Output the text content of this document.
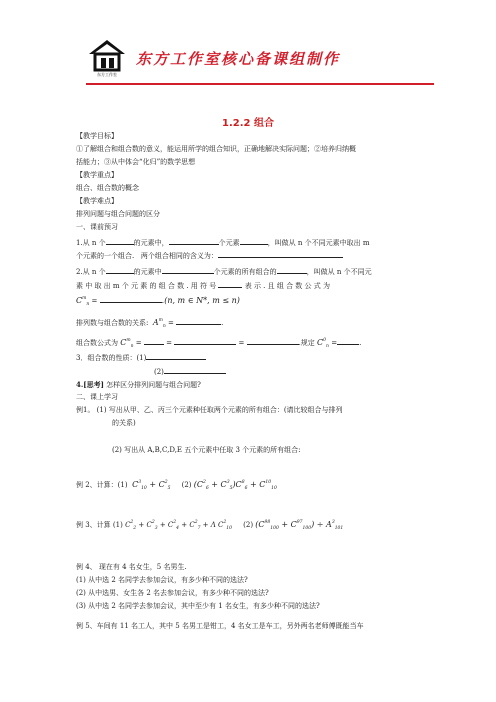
东方工作室
东方工作室核心备课组制作
1.2.2 组合
【教学目标】
①了解组合和组合数的意义，能运用所学的组合知识，正确地解决实际问题；②培养归纳概
括能力；③从中体会“化归”的数学思想
【教学重点】
组合、组合数的概念
【教学难点】
排列问题与组合问题的区分
一、课前预习
1.从 n 个	的元素中，	个元素	，叫做从 n 个不同元素中取出 m
个元素的一个组合. 两个组合相同的含义为：
2.从 n 个	的元素中	个元素的所有组合的	，叫做从 n 个不同元
素 中 取 出 m 个 元 素 的 组 合 数 . 用 符 号	表 示 . 且 组 合 数 公 式 为
$C^m_n$ =	.(n, m ∈ N*, m ≤ n)
排列数与组合数的关系: $A^m_n$ =	.
组合数公式为 $C^m_n$ =	=	=	.规定 $C^0_n$ =	.
3．组合数的性质：(1)
(2)
4.[思考] 怎样区分排列问题与组合问题?
二、课上学习
例1。 (1) 写出从甲、乙、丙三个元素种任取两个元素的所有组合：(请比较组合与排列
的关系)
(2) 写出从 A,B,C,D,E 五个元素中任取 3 个元素的所有组合:
例 2、计算：(1) $C^3_{10} + C^2_5$ (2) $(C^2_6 + C^3_5)C^8_6 + C^{10}_{10}$
例 3、计算 (1) $C^2_2 + C^2_3 + C^2_4 + C^2_7 + \Lambda$ $C^2_{10}$ (2) $(C^{98}_{100} + C^{97}_{100}) \div A^3_{101}$
例 4、 现在有 4 名女生，5 名男生.
(1) 从中选 2 名同学去参加会议，有多少种不同的选法?
(2) 从中选男、女生各 2 名去参加会议，有多少种不同的选法?
(3) 从中选 2 名同学去参加会议，其中至少有 1 名女生，有多少种不同的选法?
例 5、车间有 11 名工人，其中 5 名男工是钳工，4 名女工是车工，另外两名老师傅既能当车
